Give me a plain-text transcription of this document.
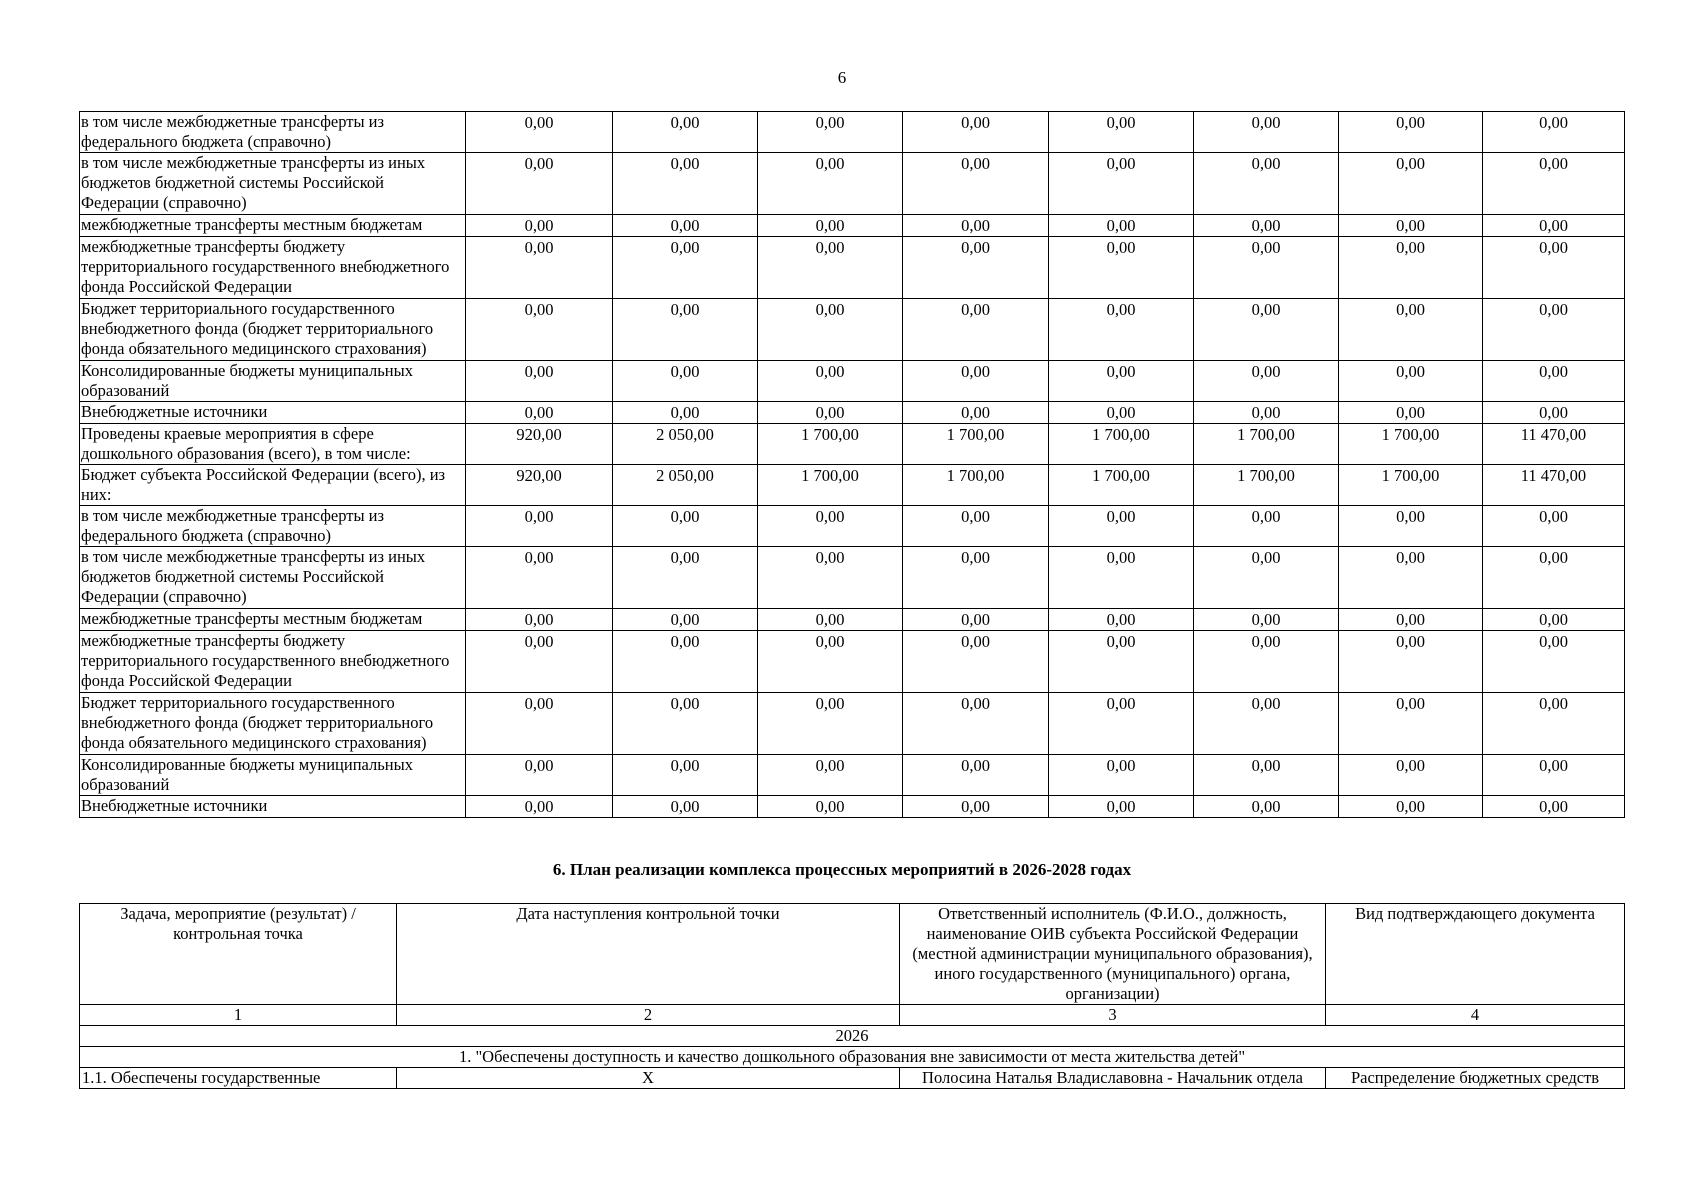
6
в том числе межбюджетные трансферты из федерального бюджета (справочно)	0,00	0,00	0,00	0,00	0,00	0,00	0,00	0,00
в том числе межбюджетные трансферты из иных бюджетов бюджетной системы Российской Федерации (справочно)	0,00	0,00	0,00	0,00	0,00	0,00	0,00	0,00
межбюджетные трансферты местным бюджетам	0,00	0,00	0,00	0,00	0,00	0,00	0,00	0,00
межбюджетные трансферты бюджету территориального государственного внебюджетного фонда Российской Федерации	0,00	0,00	0,00	0,00	0,00	0,00	0,00	0,00
Бюджет территориального государственного внебюджетного фонда (бюджет территориального фонда обязательного медицинского страхования)	0,00	0,00	0,00	0,00	0,00	0,00	0,00	0,00
Консолидированные бюджеты муниципальных образований	0,00	0,00	0,00	0,00	0,00	0,00	0,00	0,00
Внебюджетные источники	0,00	0,00	0,00	0,00	0,00	0,00	0,00	0,00
Проведены краевые мероприятия в сфере дошкольного образования (всего), в том числе:	920,00	2 050,00	1 700,00	1 700,00	1 700,00	1 700,00	1 700,00	11 470,00
Бюджет субъекта Российской Федерации (всего), из них:	920,00	2 050,00	1 700,00	1 700,00	1 700,00	1 700,00	1 700,00	11 470,00
в том числе межбюджетные трансферты из федерального бюджета (справочно)	0,00	0,00	0,00	0,00	0,00	0,00	0,00	0,00
в том числе межбюджетные трансферты из иных бюджетов бюджетной системы Российской Федерации (справочно)	0,00	0,00	0,00	0,00	0,00	0,00	0,00	0,00
межбюджетные трансферты местным бюджетам	0,00	0,00	0,00	0,00	0,00	0,00	0,00	0,00
межбюджетные трансферты бюджету территориального государственного внебюджетного фонда Российской Федерации	0,00	0,00	0,00	0,00	0,00	0,00	0,00	0,00
Бюджет территориального государственного внебюджетного фонда (бюджет территориального фонда обязательного медицинского страхования)	0,00	0,00	0,00	0,00	0,00	0,00	0,00	0,00
Консолидированные бюджеты муниципальных образований	0,00	0,00	0,00	0,00	0,00	0,00	0,00	0,00
Внебюджетные источники	0,00	0,00	0,00	0,00	0,00	0,00	0,00	0,00
6. План реализации комплекса процессных мероприятий в 2026-2028 годах
Задача, мероприятие (результат) / контрольная точка	Дата наступления контрольной точки	Ответственный исполнитель (Ф.И.О., должность, наименование ОИВ субъекта Российской Федерации (местной администрации муниципального образования), иного государственного (муниципального) органа, организации)	Вид подтверждающего документа
1	2	3	4
2026			
1. "Обеспечены доступность и качество дошкольного образования вне зависимости от места жительства детей"			
1.1. Обеспечены государственные	Х	Полосина Наталья Владиславовна - Начальник отдела	Распределение бюджетных средств
